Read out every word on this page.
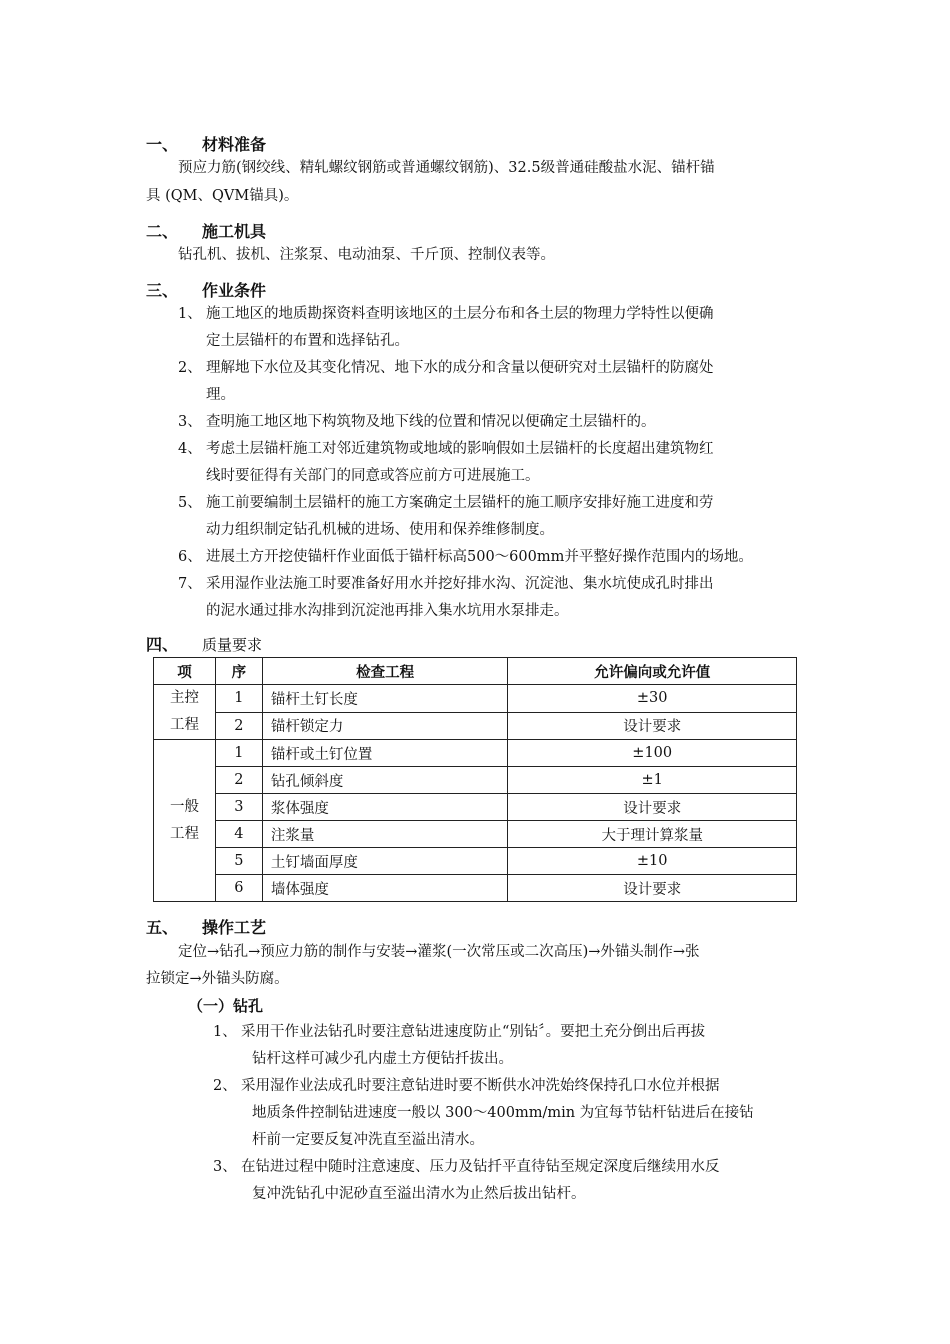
一、 材料准备
预应力筋(钢绞线、精轧螺纹钢筋或普通螺纹钢筋)、32.5级普通硅酸盐水泥、锚杆锚
具 (QM、QVM锚具)。
二、 施工机具
钻孔机、拔机、注浆泵、电动油泵、千斤顶、控制仪表等。
三、 作业条件
1、 施工地区的地质勘探资料查明该地区的土层分布和各土层的物理力学特性以便确
定土层锚杆的布置和选择钻孔。
2、 理解地下水位及其变化情况、地下水的成分和含量以便研究对土层锚杆的防腐处
理。
3、 查明施工地区地下构筑物及地下线的位置和情况以便确定土层锚杆的。
4、 考虑土层锚杆施工对邻近建筑物或地域的影响假如土层锚杆的长度超出建筑物红
线时要征得有关部门的同意或答应前方可进展施工。
5、 施工前要编制土层锚杆的施工方案确定土层锚杆的施工顺序安排好施工进度和劳
动力组织制定钻孔机械的进场、使用和保养维修制度。
6、 进展土方开挖使锚杆作业面低于锚杆标高500～600mm并平整好操作范围内的场地。
7、 采用湿作业法施工时要准备好用水并挖好排水沟、沉淀池、集水坑使成孔时排出
的泥水通过排水沟排到沉淀池再排入集水坑用水泵排走。
四、 质量要求
项	序	检查工程	允许偏向或允许值

主控
工程	1	锚杆土钉长度	±30
	2	锚杆锁定力	设计要求

一般
工程	1	锚杆或土钉位置	±100
	2	钻孔倾斜度	±1
	3	浆体强度	设计要求
	4	注浆量	大于理计算浆量
	5	土钉墙面厚度	±10
	6	墙体强度	设计要求
五、 操作工艺
定位→钻孔→预应力筋的制作与安装→灌浆(一次常压或二次高压)→外锚头制作→张
拉锁定→外锚头防腐。
（一）钻孔
1、 采用干作业法钻孔时要注意钻进速度防止“别钻〞。要把土充分倒出后再拔
钻杆这样可减少孔内虚土方便钻扦拔出。
2、 采用湿作业法成孔时要注意钻进时要不断供水冲洗始终保持孔口水位并根据
地质条件控制钻进速度一般以 300～400mm/min 为宜每节钻杆钻进后在接钻
杆前一定要反复冲洗直至溢出清水。
3、 在钻进过程中随时注意速度、压力及钻扦平直待钻至规定深度后继续用水反
复冲洗钻孔中泥砂直至溢出清水为止然后拔出钻杆。
